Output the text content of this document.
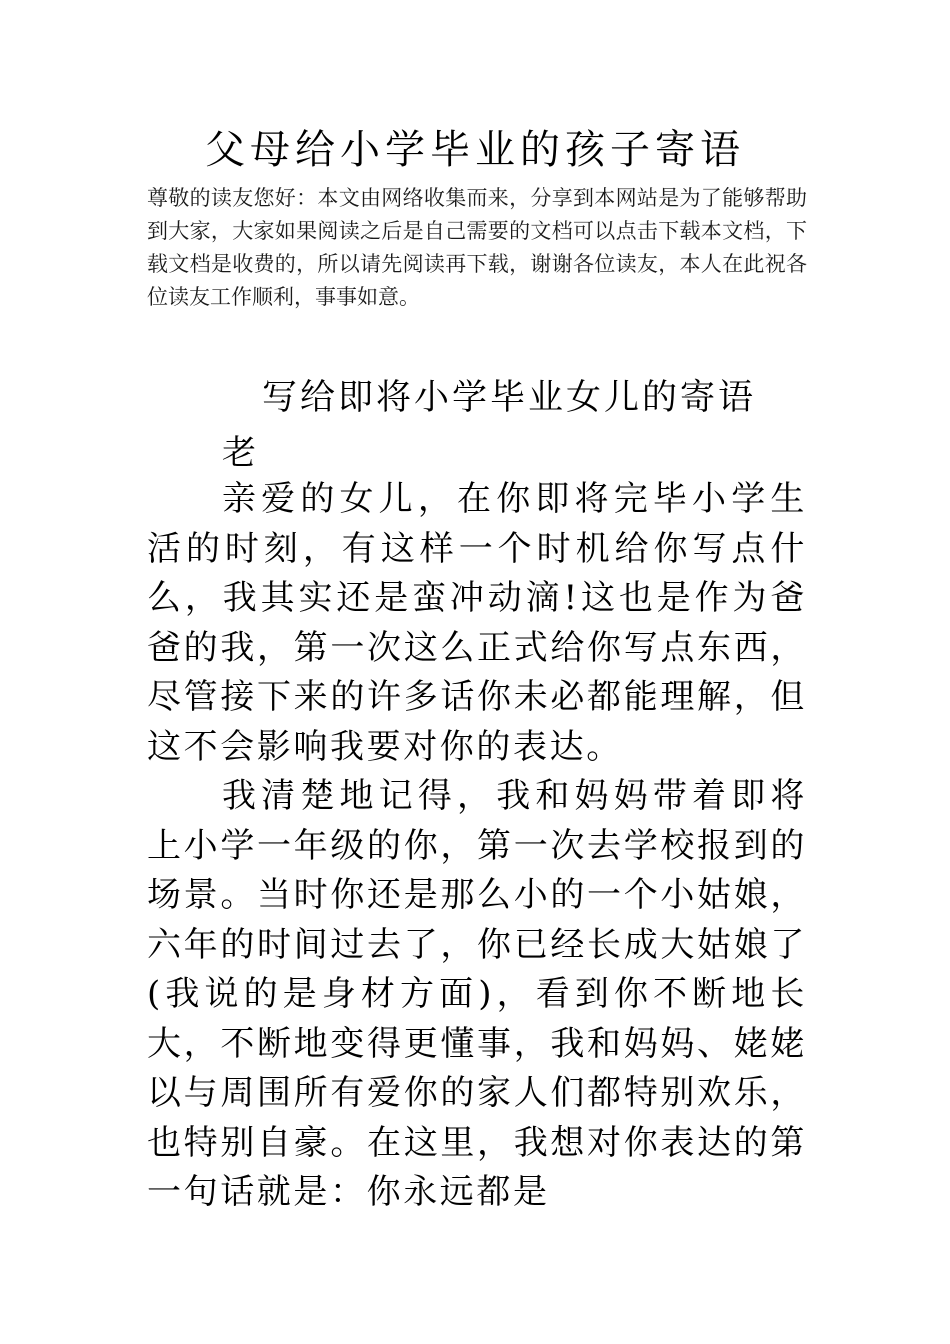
父母给小学毕业的孩子寄语

尊敬的读友您好：本文由网络收集而来，分享到本网站是为了能够帮助到大家，大家如果阅读之后是自己需要的文档可以点击下载本文档，下载文档是收费的，所以请先阅读再下载，谢谢各位读友，本人在此祝各位读友工作顺利，事事如意。

写给即将小学毕业女儿的寄语
老

亲爱的女儿，在你即将完毕小学生活的时刻，有这样一个时机给你写点什么，我其实还是蛮冲动滴!这也是作为爸爸的我，第一次这么正式给你写点东西，尽管接下来的许多话你未必都能理解，但这不会影响我要对你的表达。

我清楚地记得，我和妈妈带着即将上小学一年级的你，第一次去学校报到的场景。当时你还是那么小的一个小姑娘，六年的时间过去了，你已经长成大姑娘了(我说的是身材方面)，看到你不断地长大，不断地变得更懂事，我和妈妈、姥姥以与周围所有爱你的家人们都特别欢乐，也特别自豪。在这里，我想对你表达的第一句话就是：你永远都是
